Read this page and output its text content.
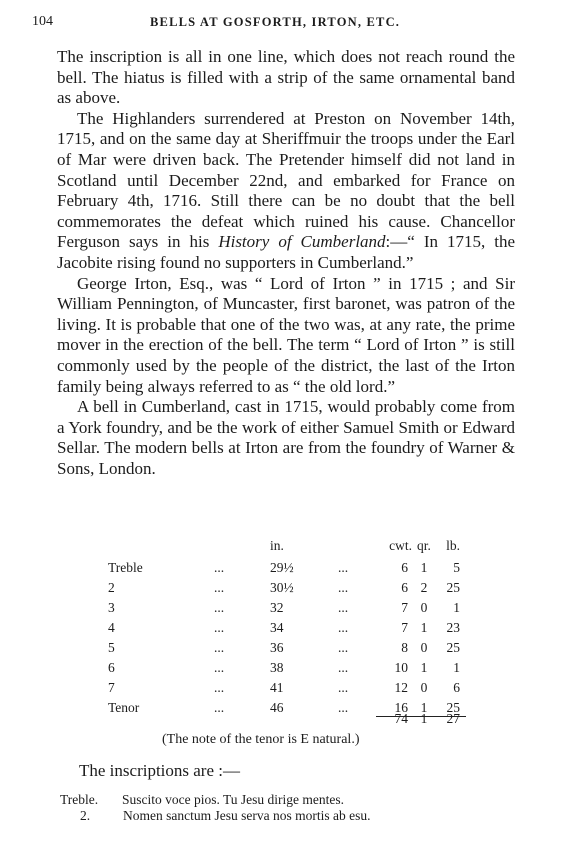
104	BELLS AT GOSFORTH, IRTON, ETC.

The inscription is all in one line, which does not reach round the bell. The hiatus is filled with a strip of the same ornamental band as above.

The Highlanders surrendered at Preston on November 14th, 1715, and on the same day at Sheriffmuir the troops under the Earl of Mar were driven back. The Pretender himself did not land in Scotland until December 22nd, and embarked for France on February 4th, 1716. Still there can be no doubt that the bell commemorates the defeat which ruined his cause. Chancellor Ferguson says in his History of Cumberland:—“ In 1715, the Jacobite rising found no supporters in Cumberland.”

George Irton, Esq., was “ Lord of Irton ” in 1715 ; and Sir William Pennington, of Muncaster, first baronet, was patron of the living. It is probable that one of the two was, at any rate, the prime mover in the erection of the bell. The term “ Lord of Irton ” is still commonly used by the people of the district, the last of the Irton family being always referred to as “ the old lord.”

A bell in Cumberland, cast in 1715, would probably come from a York foundry, and be the work of either Samuel Smith or Edward Sellar. The modern bells at Irton are from the foundry of Warner & Sons, London.

in.	cwt. qr.	lb.
Treble	...	29½	...	6 1	5
2	...	30½	...	6 2	25
3	...	32	...	7 0	1
4	...	34	...	7 1	23
5	...	36	...	8 0	25
6	...	38	...	10 1	1
7	...	41	...	12 0	6
Tenor	...	46	...	16 1	25
74 1	27
(The note of the tenor is E natural.)
The inscriptions are :—
Treble. Suscito voce pios. Tu Jesu dirige mentes.
2. Nomen sanctum Jesu serva nos mortis ab esu.
